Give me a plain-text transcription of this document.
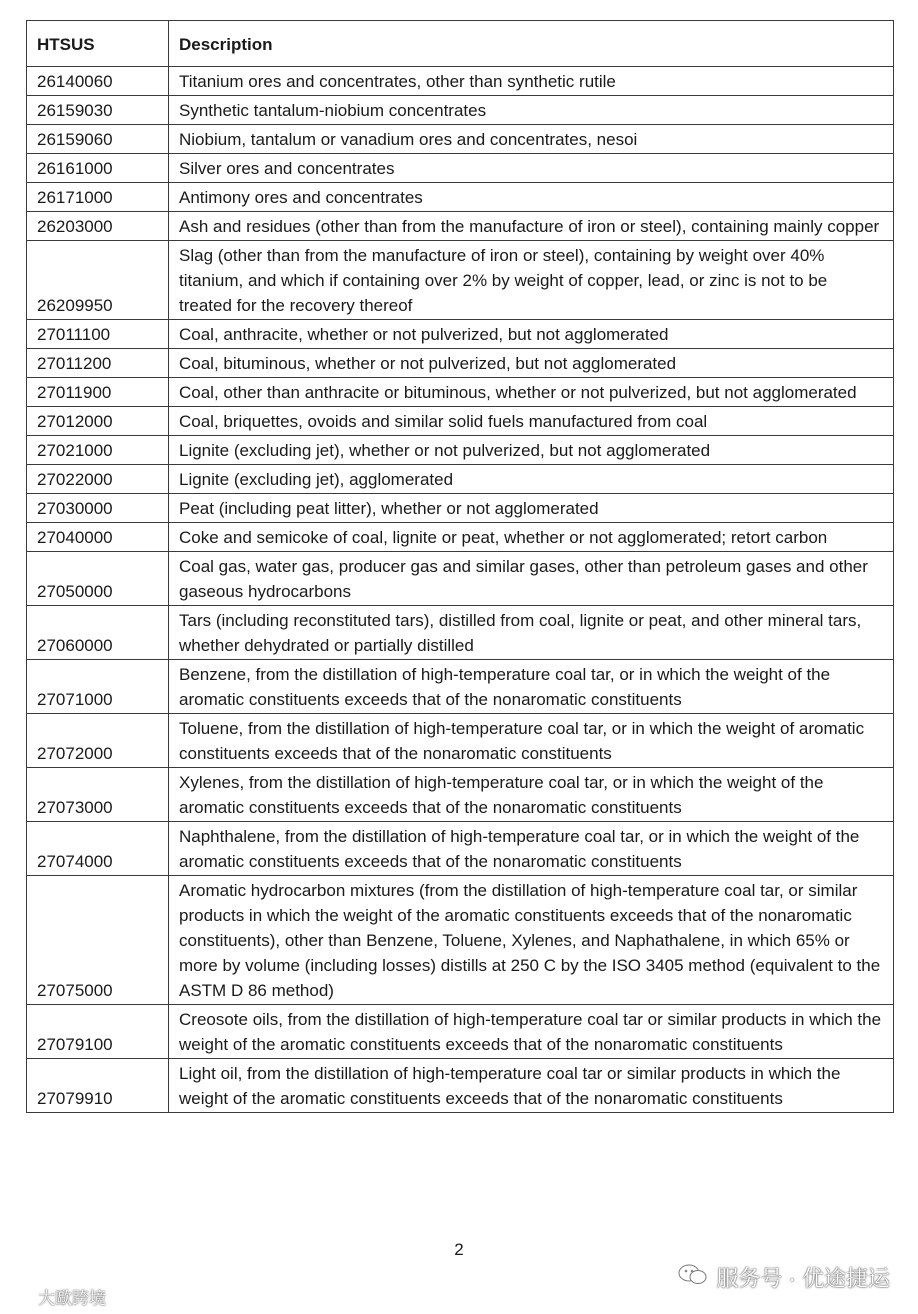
HTSUS	Description
26140060	Titanium ores and concentrates, other than synthetic rutile
26159030	Synthetic tantalum-niobium concentrates
26159060	Niobium, tantalum or vanadium ores and concentrates, nesoi
26161000	Silver ores and concentrates
26171000	Antimony ores and concentrates
26203000	Ash and residues (other than from the manufacture of iron or steel), containing mainly copper
26209950	Slag (other than from the manufacture of iron or steel), containing by weight over 40% titanium, and which if containing over 2% by weight of copper, lead, or zinc is not to be treated for the recovery thereof
27011100	Coal, anthracite, whether or not pulverized, but not agglomerated
27011200	Coal, bituminous, whether or not pulverized, but not agglomerated
27011900	Coal, other than anthracite or bituminous, whether or not pulverized, but not agglomerated
27012000	Coal, briquettes, ovoids and similar solid fuels manufactured from coal
27021000	Lignite (excluding jet), whether or not pulverized, but not agglomerated
27022000	Lignite (excluding jet), agglomerated
27030000	Peat (including peat litter), whether or not agglomerated
27040000	Coke and semicoke of coal, lignite or peat, whether or not agglomerated; retort carbon
27050000	Coal gas, water gas, producer gas and similar gases, other than petroleum gases and other gaseous hydrocarbons
27060000	Tars (including reconstituted tars), distilled from coal, lignite or peat, and other mineral tars, whether dehydrated or partially distilled
27071000	Benzene, from the distillation of high-temperature coal tar, or in which the weight of the aromatic constituents exceeds that of the nonaromatic constituents
27072000	Toluene, from the distillation of high-temperature coal tar, or in which the weight of aromatic constituents exceeds that of the nonaromatic constituents
27073000	Xylenes, from the distillation of high-temperature coal tar, or in which the weight of the aromatic constituents exceeds that of the nonaromatic constituents
27074000	Naphthalene, from the distillation of high-temperature coal tar, or in which the weight of the aromatic constituents exceeds that of the nonaromatic constituents
27075000	Aromatic hydrocarbon mixtures (from the distillation of high-temperature coal tar, or similar products in which the weight of the aromatic constituents exceeds that of the nonaromatic constituents), other than Benzene, Toluene, Xylenes, and Naphathalene, in which 65% or more by volume (including losses) distills at 250 C by the ISO 3405 method (equivalent to the ASTM D 86 method)
27079100	Creosote oils, from the distillation of high-temperature coal tar or similar products in which the weight of the aromatic constituents exceeds that of the nonaromatic constituents
27079910	Light oil, from the distillation of high-temperature coal tar or similar products in which the weight of the aromatic constituents exceeds that of the nonaromatic constituents
2
大歐跨境
服务号 · 优途捷运
